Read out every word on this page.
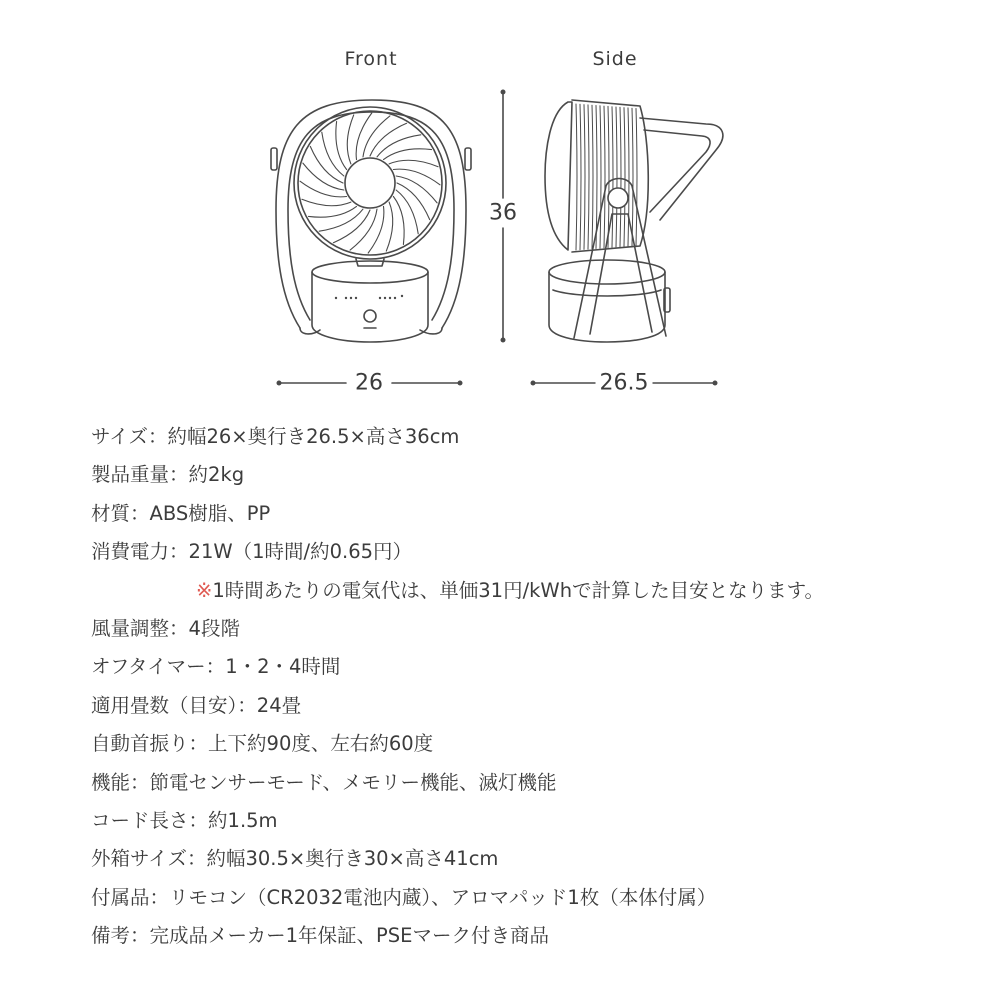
Front	Side
36
26	26.5
サイズ：約幅26×奥行き26.5×高さ36cm
製品重量：約2kg
材質：ABS樹脂、PP
消費電力：21W（1時間/約0.65円）
※1時間あたりの電気代は、単価31円/kWhで計算した目安となります。
風量調整：4段階
オフタイマー：1・2・4時間
適用畳数（目安）：24畳
自動首振り：上下約90度、左右約60度
機能：節電センサーモード、メモリー機能、滅灯機能
コード長さ：約1.5m
外箱サイズ：約幅30.5×奥行き30×高さ41cm
付属品：リモコン（CR2032電池内蔵）、アロマパッド1枚（本体付属）
備考：完成品メーカー1年保証、PSEマーク付き商品
